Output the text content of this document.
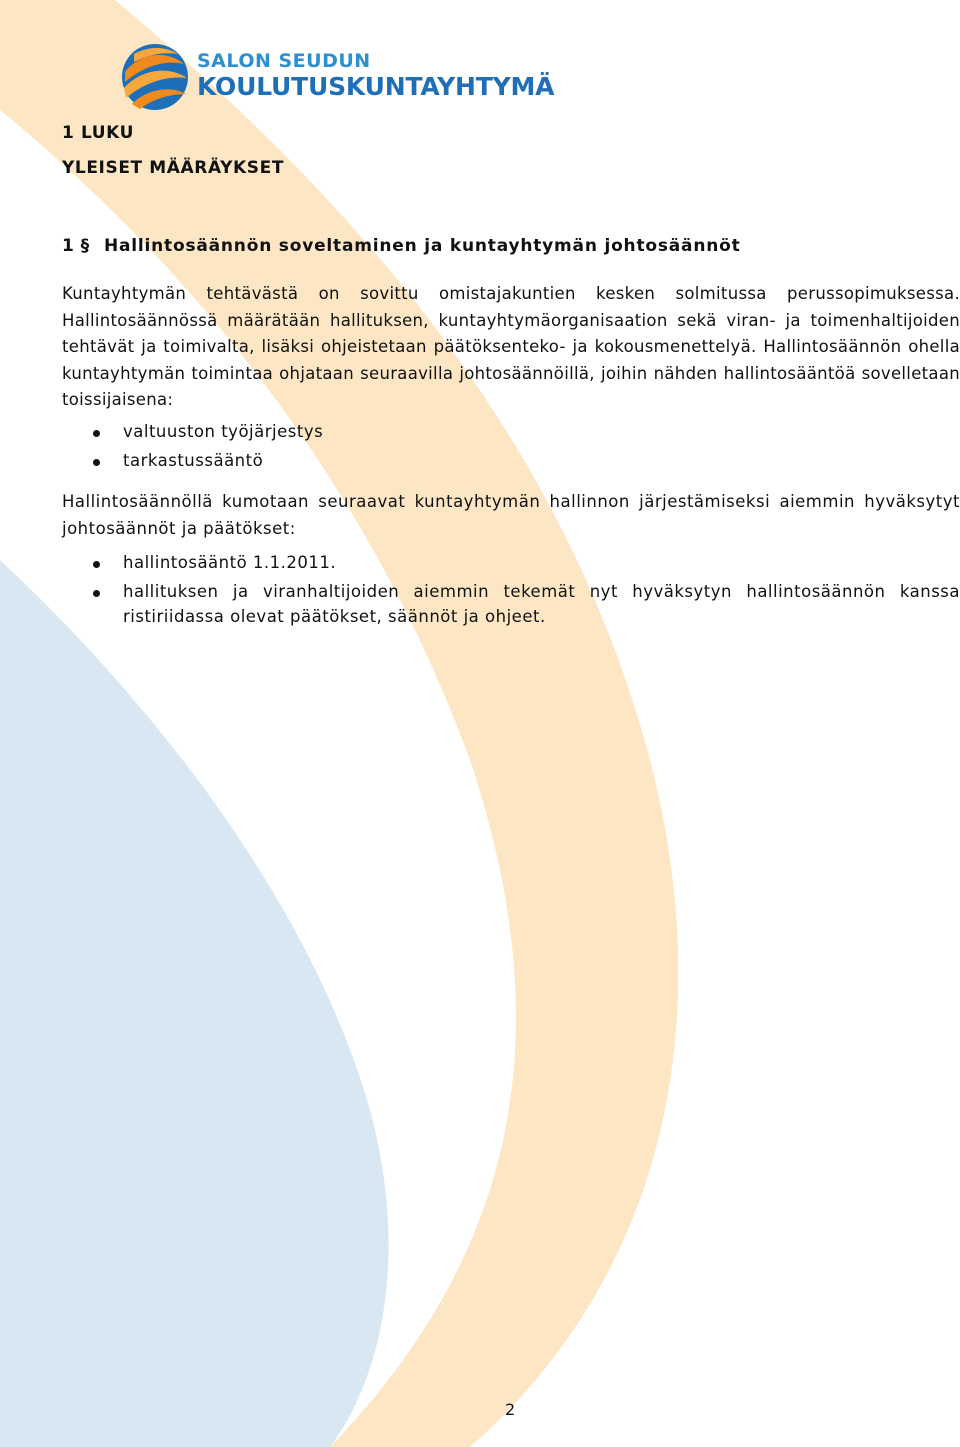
SALON SEUDUN
KOULUTUSKUNTAYHTYMÄ
1 LUKU
YLEISET MÄÄRÄYKSET
1 § Hallintosäännön soveltaminen ja kuntayhtymän johtosäännöt

Kuntayhtymän tehtävästä on sovittu omistajakuntien kesken solmitussa perussopimuksessa. Hallintosäännössä määrätään hallituksen, kuntayhtymäorganisaation sekä viran- ja toimenhaltijoiden tehtävät ja toimivalta, lisäksi ohjeistetaan päätöksenteko- ja kokousmenettelyä. Hallintosäännön ohella kuntayhtymän toimintaa ohjataan seuraavilla johtosäännöillä, joihin nähden hallintosääntöä sovelletaan toissijaisena:

valtuuston työjärjestys
tarkastussääntö

Hallintosäännöllä kumotaan seuraavat kuntayhtymän hallinnon järjestämiseksi aiemmin hyväksytyt johtosäännöt ja päätökset:

hallintosääntö 1.1.2011.
hallituksen ja viranhaltijoiden aiemmin tekemät nyt hyväksytyn hallintosäännön kanssa ristiriidassa olevat päätökset, säännöt ja ohjeet.
2
